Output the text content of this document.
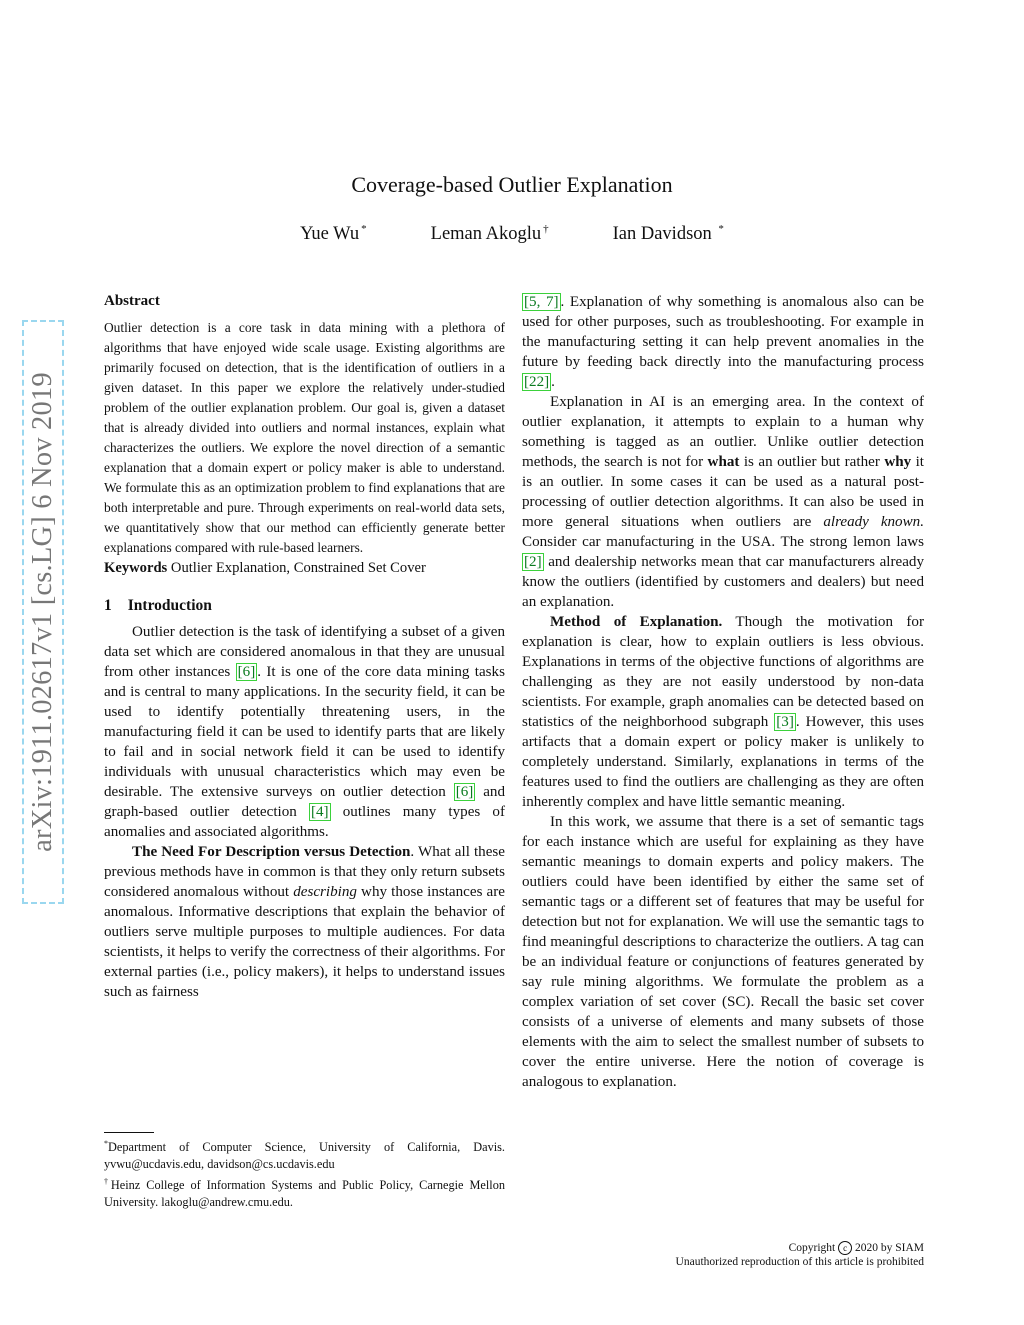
arXiv:1911.02617v1 [cs.LG] 6 Nov 2019
Coverage-based Outlier Explanation
Yue Wu *	Leman Akoglu †	Ian Davidson *

Abstract

Outlier detection is a core task in data mining with a plethora of algorithms that have enjoyed wide scale usage. Existing algorithms are primarily focused on detection, that is the identification of outliers in a given dataset. In this paper we explore the relatively under-studied problem of the outlier explanation problem. Our goal is, given a dataset that is already divided into outliers and normal instances, explain what characterizes the outliers. We explore the novel direction of a semantic explanation that a domain expert or policy maker is able to understand. We formulate this as an optimization problem to find explanations that are both interpretable and pure. Through experiments on real-world data sets, we quantitatively show that our method can efficiently generate better explanations compared with rule-based learners.

Keywords Outlier Explanation, Constrained Set Cover

1 Introduction

Outlier detection is the task of identifying a subset of a given data set which are considered anomalous in that they are unusual from other instances [6] . It is one of the core data mining tasks and is central to many applications. In the security field, it can be used to identify potentially threatening users, in the manufacturing field it can be used to identify parts that are likely to fail and in social network field it can be used to identify individuals with unusual characteristics which may even be desirable. The extensive surveys on outlier detection [6] and graph-based outlier detection [4] outlines many types of anomalies and associated algorithms.

The Need For Description versus Detection. What all these previous methods have in common is that they only return subsets considered anomalous without describing why those instances are anomalous. Informative descriptions that explain the behavior of outliers serve multiple purposes to multiple audiences. For data scientists, it helps to verify the correctness of their algorithms. For external parties (i.e., policy makers), it helps to understand issues such as fairness

[5, 7] . Explanation of why something is anomalous also can be used for other purposes, such as troubleshooting. For example in the manufacturing setting it can help prevent anomalies in the future by feeding back directly into the manufacturing process [22] .

Explanation in AI is an emerging area. In the context of outlier explanation, it attempts to explain to a human why something is tagged as an outlier. Unlike outlier detection methods, the search is not for what is an outlier but rather why it is an outlier. In some cases it can be used as a natural post-processing of outlier detection algorithms. It can also be used in more general situations when outliers are already known. Consider car manufacturing in the USA. The strong lemon laws [2] and dealership networks mean that car manufacturers already know the outliers (identified by customers and dealers) but need an explanation.

Method of Explanation. Though the motivation for explanation is clear, how to explain outliers is less obvious. Explanations in terms of the objective functions of algorithms are challenging as they are not easily understood by non-data scientists. For example, graph anomalies can be detected based on statistics of the neighborhood subgraph [3] . However, this uses artifacts that a domain expert or policy maker is unlikely to completely understand. Similarly, explanations in terms of the features used to find the outliers are challenging as they are often inherently complex and have little semantic meaning.

In this work, we assume that there is a set of semantic tags for each instance which are useful for explaining as they have semantic meanings to domain experts and policy makers. The outliers could have been identified by either the same set of semantic tags or a different set of features that may be useful for detection but not for explanation. We will use the semantic tags to find meaningful descriptions to characterize the outliers. A tag can be an individual feature or conjunctions of features generated by say rule mining algorithms. We formulate the problem as a complex variation of set cover (SC). Recall the basic set cover consists of a universe of elements and many subsets of those elements with the aim to select the smallest number of subsets to cover the entire universe. Here the notion of coverage is analogous to explanation.

*Department of Computer Science, University of California, Davis. yvwu@ucdavis.edu, davidson@cs.ucdavis.edu

†Heinz College of Information Systems and Public Policy, Carnegie Mellon University. lakoglu@andrew.cmu.edu.

Copyright c 2020 by SIAM
Unauthorized reproduction of this article is prohibited
